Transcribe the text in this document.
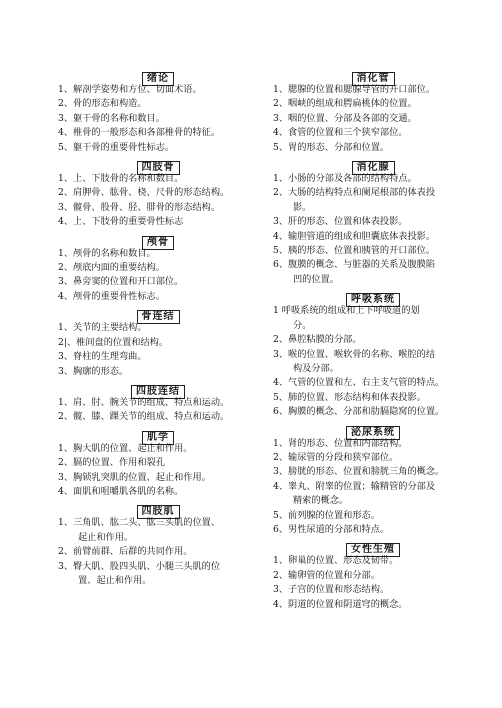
绪论
1、解剖学姿势和方位、切面术语。
2、骨的形态和构造。
3、躯干骨的名称和数目。
4、椎骨的一般形态和各部椎骨的特征。
5、躯干骨的重要骨性标志。
四肢骨
1、上、下肢骨的名称和数目。
2、肩胛骨、肱骨、桡、尺骨的形态结构。
3、髋骨、股骨、胫、腓骨的形态结构。
4、上、下肢骨的重要骨性标志
颅骨
1、颅骨的名称和数目。
2、颅底内面的重要结构。
3、鼻旁窦的位置和开口部位。
4、颅骨的重要骨性标志。
骨连结
1、关节的主要结构。
2|、椎间盘的位置和结构。
3、脊柱的生理弯曲。
3、胸廓的形态。
四肢连结
1、肩、肘、腕关节的组成、特点和运动。
2、髋、膝、踝关节的组成、特点和运动。
肌学
1、胸大肌的位置、起止和作用。
2、膈的位置、作用和裂孔
3、胸锁乳突肌的位置、起止和作用。
4、面肌和咀嚼肌各肌的名称。
四肢肌
1、三角肌、肱二头、肱三头肌的位置、
起止和作用。
2、前臂前群、后群的共同作用。
3、臀大肌、股四头肌、小腿三头肌的位
置、起止和作用。
消化管
1、腮腺的位置和腮腺导管的开口部位。
2、咽峡的组成和腭扁桃体的位置。
3、咽的位置、分部及各部的交通。
4、食管的位置和三个狭窄部位。
5、胃的形态、分部和位置。
消化腺
1、小肠的分部及各部的结构特点。
2、大肠的结构特点和阑尾根部的体表投
影。
3、肝的形态、位置和体表投影。
4、输胆管道的组成和胆囊底体表投影。
5、胰的形态、位置和胰管的开口部位。
6、腹膜的概念、与脏器的关系及腹膜陷
凹的位置。
呼吸系统
1 呼吸系统的组成和上下呼吸道的划
分。
2、鼻腔粘膜的分部。
3、喉的位置、喉软骨的名称、喉腔的结
构及分部。
4、气管的位置和左、右主支气管的特点。
5、肺的位置、形态结构和体表投影。
6、胸膜的概念、分部和肋膈隐窝的位置。
泌尿系统
1、肾的形态、位置和内部结构。
2、输尿管的分段和狭窄部位。
3、膀胱的形态、位置和膀胱三角的概念。
4、睾丸、附睾的位置；输精管的分部及
精索的概念。
5、前列腺的位置和形态。
6、男性尿道的分部和特点。
女性生殖
1、卵巢的位置、形态及韧带。
2、输卵管的位置和分部。
3、子宫的位置和形态结构。
4、阴道的位置和阴道穹的概念。
